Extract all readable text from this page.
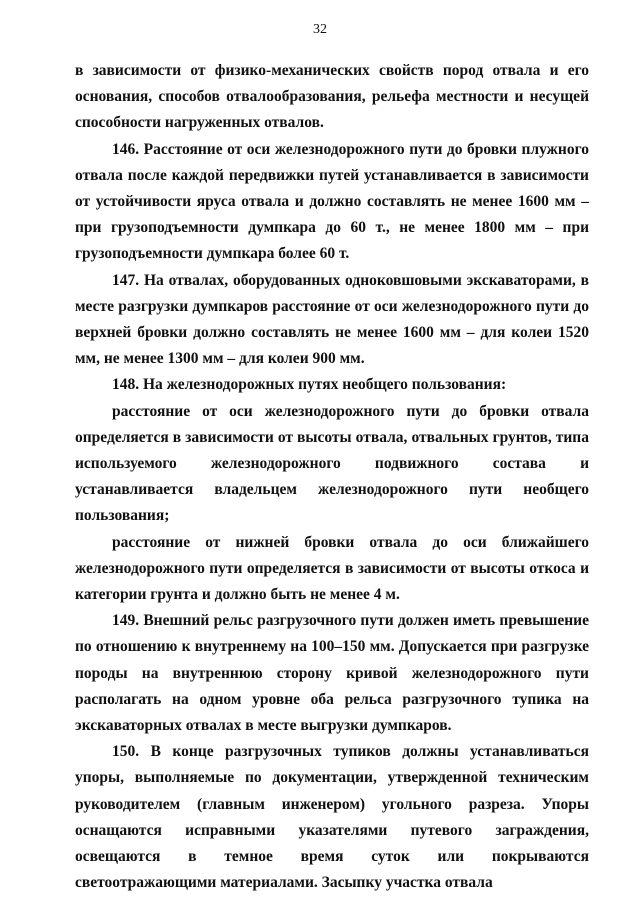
32

в зависимости от физико-механических свойств пород отвала и его основания, способов отвалообразования, рельефа местности и несущей способности нагруженных отвалов.

146. Расстояние от оси железнодорожного пути до бровки плужного отвала после каждой передвижки путей устанавливается в зависимости от устойчивости яруса отвала и должно составлять не менее 1600 мм – при грузоподъемности думпкара до 60 т., не менее 1800 мм – при грузоподъемности думпкара более 60 т.

147. На отвалах, оборудованных одноковшовыми экскаваторами, в месте разгрузки думпкаров расстояние от оси железнодорожного пути до верхней бровки должно составлять не менее 1600 мм – для колеи 1520 мм, не менее 1300 мм – для колеи 900 мм.

148. На железнодорожных путях необщего пользования:

расстояние от оси железнодорожного пути до бровки отвала определяется в зависимости от высоты отвала, отвальных грунтов, типа используемого железнодорожного подвижного состава и устанавливается владельцем железнодорожного пути необщего пользования;

расстояние от нижней бровки отвала до оси ближайшего железнодорожного пути определяется в зависимости от высоты откоса и категории грунта и должно быть не менее 4 м.

149. Внешний рельс разгрузочного пути должен иметь превышение по отношению к внутреннему на 100–150 мм. Допускается при разгрузке породы на внутреннюю сторону кривой железнодорожного пути располагать на одном уровне оба рельса разгрузочного тупика на экскаваторных отвалах в месте выгрузки думпкаров.

150. В конце разгрузочных тупиков должны устанавливаться упоры, выполняемые по документации, утвержденной техническим руководителем (главным инженером) угольного разреза. Упоры оснащаются исправными указателями путевого заграждения, освещаются в темное время суток или покрываются светоотражающими материалами. Засыпку участка отвала
